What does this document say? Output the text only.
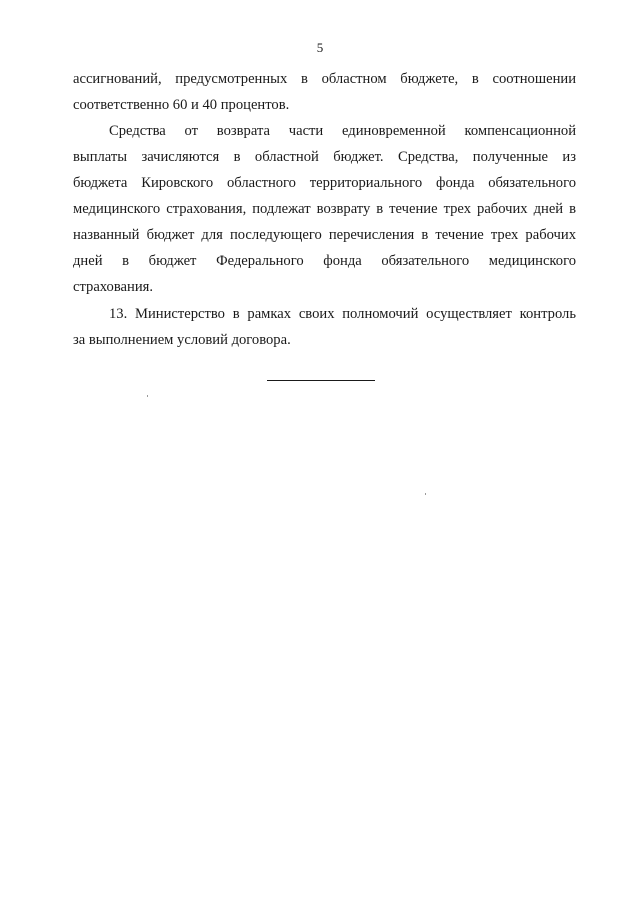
5
ассигнований, предусмотренных в областном бюджете, в соотношении
соответственно 60 и 40 процентов.
Средства от возврата части единовременной компенсационной
выплаты зачисляются в областной бюджет. Средства, полученные из
бюджета Кировского областного территориального фонда обязательного
медицинского страхования, подлежат возврату в течение трех рабочих дней в
названный бюджет для последующего перечисления в течение трех рабочих
дней в бюджет Федерального фонда обязательного медицинского
страхования.
13. Министерство в рамках своих полномочий осуществляет контроль
за выполнением условий договора.
